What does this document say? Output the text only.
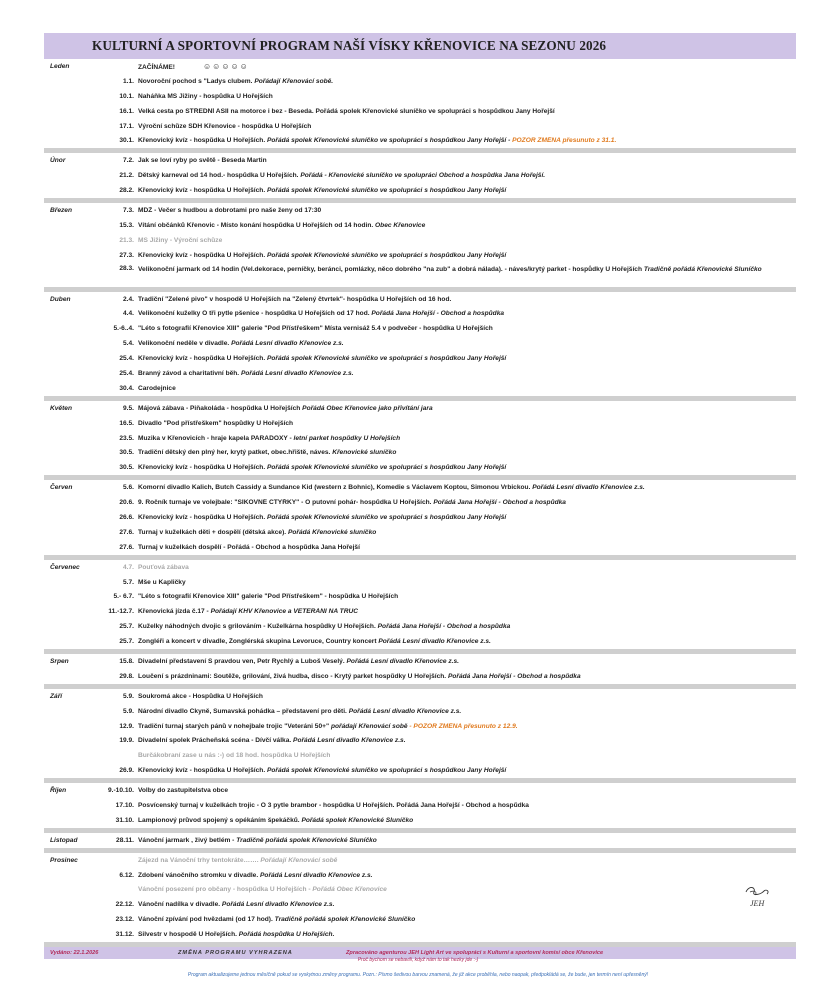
KULTURNÍ A SPORTOVNÍ PROGRAM NAŠÍ VÍSKY KŘENOVICE NA SEZONU 2026
Leden	ZAČÍNÁME!	☺☺☺☺☺
1.1. Novoroční pochod s "Ladys clubem. Pořádají Křenovácí sobě.
10.1. Naháňka MS Jižiny - hospůdka U Hořejších
16.1. Velká cesta po STŘEDNÍ ASII na motorce i bez - Beseda. Pořádá spolek Křenovické sluníčko ve spolupráci s hospůdkou Jany Hořejší
17.1. Výroční schůze SDH Křenovice - hospůdka U Hořejších
30.1. Křenovický kvíz - hospůdka U Hořejších. Pořádá spolek Křenovické sluníčko ve spolupráci s hospůdkou Jany Hořejší - POZOR ZMĚNA přesunuto z 31.1.
Únor	7.2. Jak se loví ryby po světě - Beseda Martin
21.2. Dětský karneval od 14 hod.- hospůdka U Hořejších. Pořádá - Křenovické sluníčko ve spolupráci Obchod a hospůdka Jana Hořejší.
28.2. Křenovický kvíz - hospůdka U Hořejších. Pořádá spolek Křenovické sluníčko ve spolupráci s hospůdkou Jany Hořejší
Březen	7.3. MDŽ - Večer s hudbou a dobrotami pro naše ženy od 17:30
15.3. Vítání občánků Křenovic - Místo konání hospůdka U Hořejších od 14 hodin. Obec Křenovice
21.3. MS Jižiny - Výroční schůze
27.3. Křenovický kvíz - hospůdka U Hořejších. Pořádá spolek Křenovické sluníčko ve spolupráci s hospůdkou Jany Hořejší
28.3. Velikonoční jarmark od 14 hodin (Vel.dekorace, perníčky, beránci, pomlázky, něco dobrého "na zub" a dobrá nálada). - náves/krytý parket - hospůdky U Hořejších Tradičně pořádá Křenovické Sluníčko
Duben	2.4. Tradiční "Zelené pivo" v hospodě U Hořejších na "Zelený čtvrtek"- hospůdka U Hořejších od 16 hod.
4.4. Velikonoční kuželky O tři pytle pšenice - hospůdka U Hořejších od 17 hod. Pořádá Jana Hořejší - Obchod a hospůdka
5.-6..4. "Léto s fotografií Křenovice XIII" galerie "Pod Přístřeškem" Místa vernisáž 5.4 v podvečer - hospůdka U Hořejších
5.4. Velikonoční neděle v divadle. Pořádá Lesní divadlo Křenovice z.s.
25.4. Křenovický kvíz - hospůdka U Hořejších. Pořádá spolek Křenovické sluníčko ve spolupráci s hospůdkou Jany Hořejší
25.4. Branný závod a charitativní běh. Pořádá Lesní divadlo Křenovice z.s.
30.4. Čarodejnice
Květen	9.5. Májová zábava - Piňakoláda - hospůdka U Hořejších Pořádá Obec Křenovice jako přivítání jara
16.5. Divadlo "Pod přístřeškem" hospůdky U Hořejších
23.5. Muzika v Křenovicích - hraje kapela PARADOXY - letní parket hospůdky U Hořejších
30.5. Tradiční dětský den plný her, krytý patket, obec.hřiště, náves. Křenovické sluníčko
30.5. Křenovický kvíz - hospůdka U Hořejších. Pořádá spolek Křenovické sluníčko ve spolupráci s hospůdkou Jany Hořejší
Červen	5.6. Komorní divadlo Kalich, Butch Cassidy a Sundance Kid (western z Bohnic), Komedie s Václavem Koptou, Simonou Vrbickou. Pořádá Lesní divadlo Křenovice z.s.
20.6. 9. Ročník turnaje ve volejbale: "ŠIKOVNÉ ČTYŘKY" - O putovní pohár- hospůdka U Hořejších. Pořádá Jana Hořejší - Obchod a hospůdka
26.6. Křenovický kvíz - hospůdka U Hořejších. Pořádá spolek Křenovické sluníčko ve spolupráci s hospůdkou Jany Hořejší
27.6. Turnaj v kuželkách děti + dospělí (dětská akce). Pořádá Křenovické sluníčko
27.6. Turnaj v kuželkách dospělí - Pořádá - Obchod a hospůdka Jana Hořejší
Červenec	4.7. Pouťová zábava
5.7. Mše u Kapličky
5.- 6.7. "Léto s fotografií Křenovice XIII" galerie "Pod Přístřeškem" - hospůdka U Hořejších
11.-12.7. Křenovická jízda č.17 - Pořádají KHV Křenovice a VETERÁNI NA TRUC
25.7. Kuželky náhodných dvojic s grilováním - Kuželkárna hospůdky U Hořejších. Pořádá Jana Hořejší - Obchod a hospůdka
25.7. Žongléři a koncert v divadle, Žonglérská skupina Levoruce, Country koncert Pořádá Lesní divadlo Křenovice z.s.
Srpen	15.8. Divadelní představení S pravdou ven, Petr Rychlý a Luboš Veselý. Pořádá Lesní divadlo Křenovice z.s.
29.8. Loučení s prázdninami: Soutěže, grilování, živá hudba, disco - Krytý parket hospůdky U Hořejších. Pořádá Jana Hořejší - Obchod a hospůdka
Září	5.9. Soukromá akce - Hospůdka U Hořejších
5.9. Národní divadlo Čkyně, Šumavská pohádka – představení pro děti. Pořádá Lesní divadlo Křenovice z.s.
12.9. Tradiční turnaj starých pánů v nohejbale trojic "Veteráni 50+" pořádají Křenovácí sobě - POZOR ZMĚNA přesunuto z 12.9.
19.9. Divadelní spolek Prácheňská scéna - Dívčí válka. Pořádá Lesní divadlo Křenovice z.s.
Burčákobraní zase u nás :-) od 18 hod. hospůdka U Hořejších
26.9. Křenovický kvíz - hospůdka U Hořejších. Pořádá spolek Křenovické sluníčko ve spolupráci s hospůdkou Jany Hořejší
Říjen	9.-10.10. Volby do zastupitelstva obce
17.10. Posvícenský turnaj v kuželkách trojic - O 3 pytle brambor - hospůdka U Hořejších. Pořádá Jana Hořejší - Obchod a hospůdka
31.10. Lampionový průvod spojený s opékáním špekáčků. Pořádá spolek Křenovické Sluníčko
Listopad	28.11. Vánoční jarmark , živý betlém - Tradičně pořádá spolek Křenovické Sluníčko
Prosinec	Zájezd na Vánoční trhy tentokráte……. Pořádají Křenovácí sobě
6.12. Zdobení vánočního stromku v divadle. Pořádá Lesní divadlo Křenovice z.s.
Vánoční posezení pro občany - hospůdka U Hořejších - Pořádá Obec Křenovice
22.12. Vánoční nadílka v divadle. Pořádá Lesní divadlo Křenovice z.s.
23.12. Vánoční zpívání pod hvězdami (od 17 hod). Tradičně pořádá spolek Křenovické Sluníčko
31.12. Silvestr v hospodě U Hořejších. Pořádá hospůdka U Hořejších.
Vydáno: 22.1.2026	ZMĚNA PROGRAMU VYHRAZENA	Zpracováno agenturou JEH Light Art ve spolupráci s Kulturní a sportovní komisí obce Křenovice
JEH
Proč bychom se nebavili, když nám to tak hezky jde :-)
Program aktualizujeme jednou měsíčně pokud se vyskytnou změny programu. Pozn.: Písmo šedivou barvou znamená, že již akce proběhla, nebo naopak, předpokládá se, že bude, jen termín není upřesněný!
